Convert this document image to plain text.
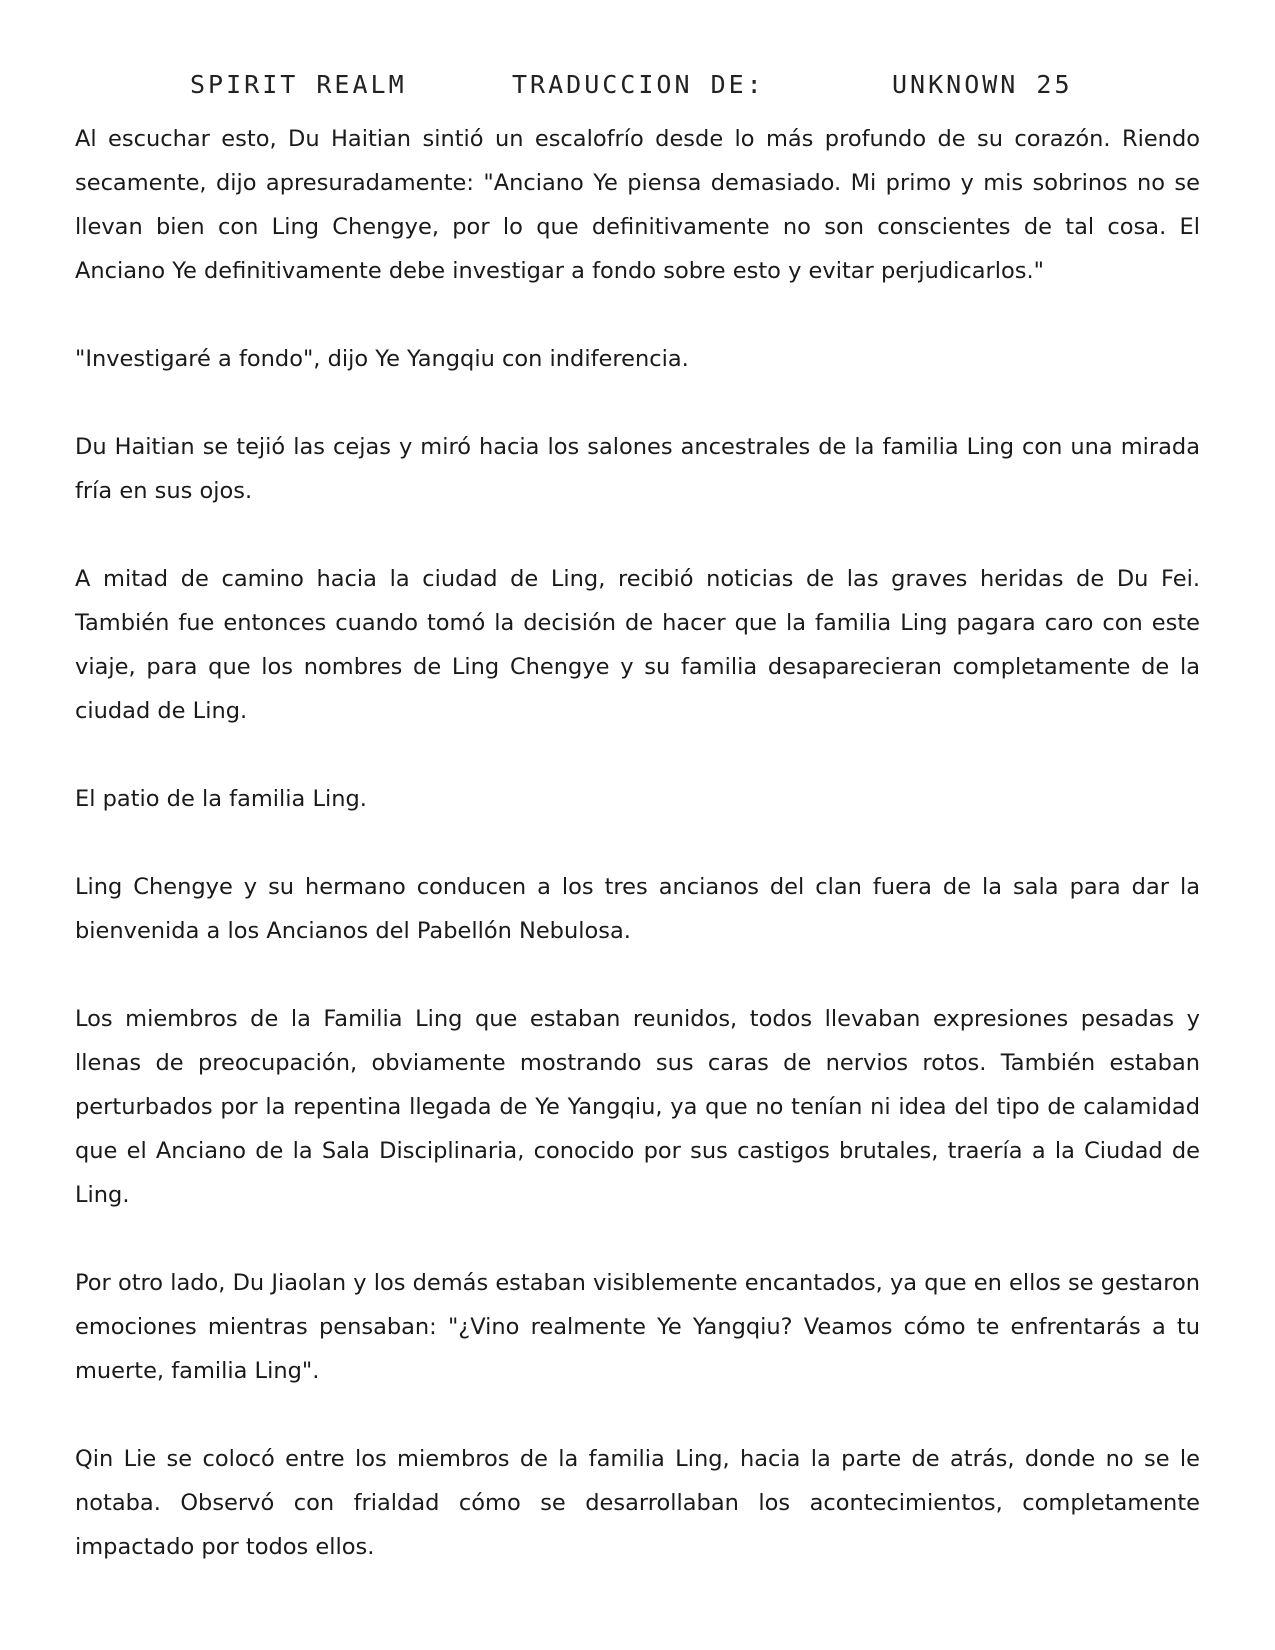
SPIRIT REALM	TRADUCCION DE:	UNKNOWN 25

Al escuchar esto, Du Haitian sintió un escalofrío desde lo más profundo de su corazón. Riendo secamente, dijo apresuradamente: "Anciano Ye piensa demasiado. Mi primo y mis sobrinos no se llevan bien con Ling Chengye, por lo que definitivamente no son conscientes de tal cosa. El Anciano Ye definitivamente debe investigar a fondo sobre esto y evitar perjudicarlos."

"Investigaré a fondo", dijo Ye Yangqiu con indiferencia.

Du Haitian se tejió las cejas y miró hacia los salones ancestrales de la familia Ling con una mirada fría en sus ojos.

A mitad de camino hacia la ciudad de Ling, recibió noticias de las graves heridas de Du Fei. También fue entonces cuando tomó la decisión de hacer que la familia Ling pagara caro con este viaje, para que los nombres de Ling Chengye y su familia desaparecieran completamente de la ciudad de Ling.

El patio de la familia Ling.

Ling Chengye y su hermano conducen a los tres ancianos del clan fuera de la sala para dar la bienvenida a los Ancianos del Pabellón Nebulosa.

Los miembros de la Familia Ling que estaban reunidos, todos llevaban expresiones pesadas y llenas de preocupación, obviamente mostrando sus caras de nervios rotos. También estaban perturbados por la repentina llegada de Ye Yangqiu, ya que no tenían ni idea del tipo de calamidad que el Anciano de la Sala Disciplinaria, conocido por sus castigos brutales, traería a la Ciudad de Ling.

Por otro lado, Du Jiaolan y los demás estaban visiblemente encantados, ya que en ellos se gestaron emociones mientras pensaban: "¿Vino realmente Ye Yangqiu? Veamos cómo te enfrentarás a tu muerte, familia Ling".

Qin Lie se colocó entre los miembros de la familia Ling, hacia la parte de atrás, donde no se le notaba. Observó con frialdad cómo se desarrollaban los acontecimientos, completamente impactado por todos ellos.
